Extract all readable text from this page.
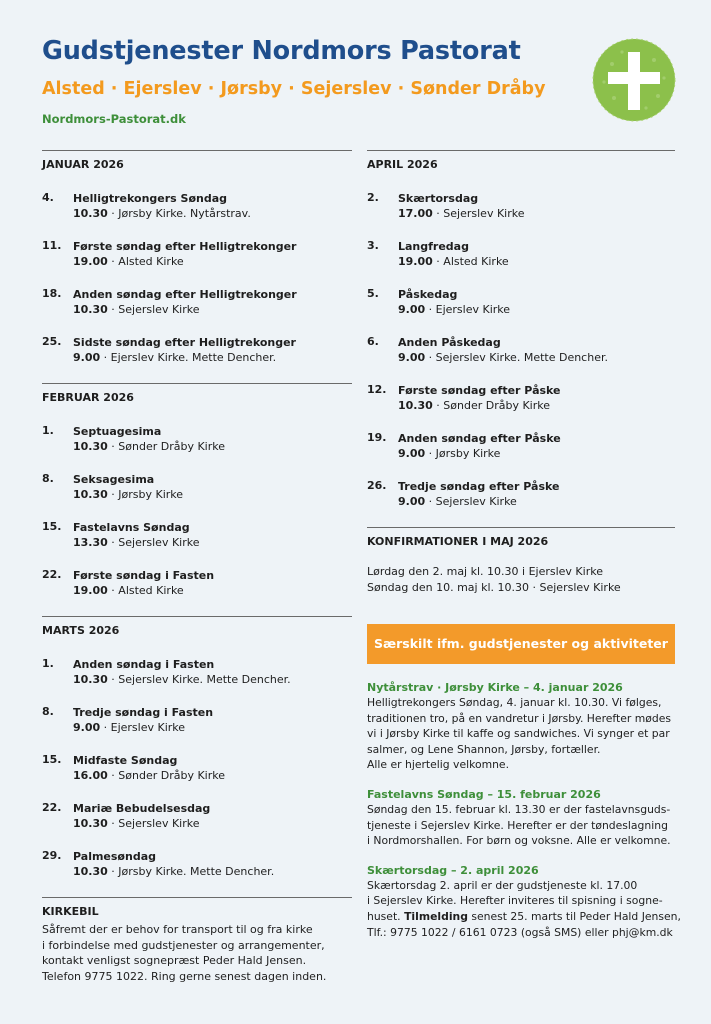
Gudstjenester Nordmors Pastorat
Alsted · Ejerslev · Jørsby · Sejerslev · Sønder Dråby
Nordmors-Pastorat.dk
JANUAR 2026
4. Helligtrekongers Søndag
10.30 · Jørsby Kirke. Nytårstrav.
11. Første søndag efter Helligtrekonger
19.00 · Alsted Kirke
18. Anden søndag efter Helligtrekonger
10.30 · Sejerslev Kirke
25. Sidste søndag efter Helligtrekonger
9.00 · Ejerslev Kirke. Mette Dencher.
FEBRUAR 2026
1. Septuagesima
10.30 · Sønder Dråby Kirke
8. Seksagesima
10.30 · Jørsby Kirke
15. Fastelavns Søndag
13.30 · Sejerslev Kirke
22. Første søndag i Fasten
19.00 · Alsted Kirke
MARTS 2026
1. Anden søndag i Fasten
10.30 · Sejerslev Kirke. Mette Dencher.
8. Tredje søndag i Fasten
9.00 · Ejerslev Kirke
15. Midfaste Søndag
16.00 · Sønder Dråby Kirke
22. Mariæ Bebudelsesdag
10.30 · Sejerslev Kirke
29. Palmesøndag
10.30 · Jørsby Kirke. Mette Dencher.
KIRKEBIL
Såfremt der er behov for transport til og fra kirke
i forbindelse med gudstjenester og arrangementer,
kontakt venligst sognepræst Peder Hald Jensen.
Telefon 9775 1022. Ring gerne senest dagen inden.
APRIL 2026
2. Skærtorsdag
17.00 · Sejerslev Kirke
3. Langfredag
19.00 · Alsted Kirke
5. Påskedag
9.00 · Ejerslev Kirke
6. Anden Påskedag
9.00 · Sejerslev Kirke. Mette Dencher.
12. Første søndag efter Påske
10.30 · Sønder Dråby Kirke
19. Anden søndag efter Påske
9.00 · Jørsby Kirke
26. Tredje søndag efter Påske
9.00 · Sejerslev Kirke
KONFIRMATIONER I MAJ 2026
Lørdag den 2. maj kl. 10.30 i Ejerslev Kirke
Søndag den 10. maj kl. 10.30 · Sejerslev Kirke
Særskilt ifm. gudstjenester og aktiviteter
Nytårstrav · Jørsby Kirke – 4. januar 2026
Helligtrekongers Søndag, 4. januar kl. 10.30. Vi følges,
traditionen tro, på en vandretur i Jørsby. Herefter mødes
vi i Jørsby Kirke til kaffe og sandwiches. Vi synger et par
salmer, og Lene Shannon, Jørsby, fortæller.
Alle er hjertelig velkomne.
Fastelavns Søndag – 15. februar 2026
Søndag den 15. februar kl. 13.30 er der fastelavnsguds-
tjeneste i Sejerslev Kirke. Herefter er der tøndeslagning
i Nordmorshallen. For børn og voksne. Alle er velkomne.
Skærtorsdag – 2. april 2026
Skærtorsdag 2. april er der gudstjeneste kl. 17.00
i Sejerslev Kirke. Herefter inviteres til spisning i sogne-
huset. Tilmelding senest 25. marts til Peder Hald Jensen,
Tlf.: 9775 1022 / 6161 0723 (også SMS) eller phj@km.dk
